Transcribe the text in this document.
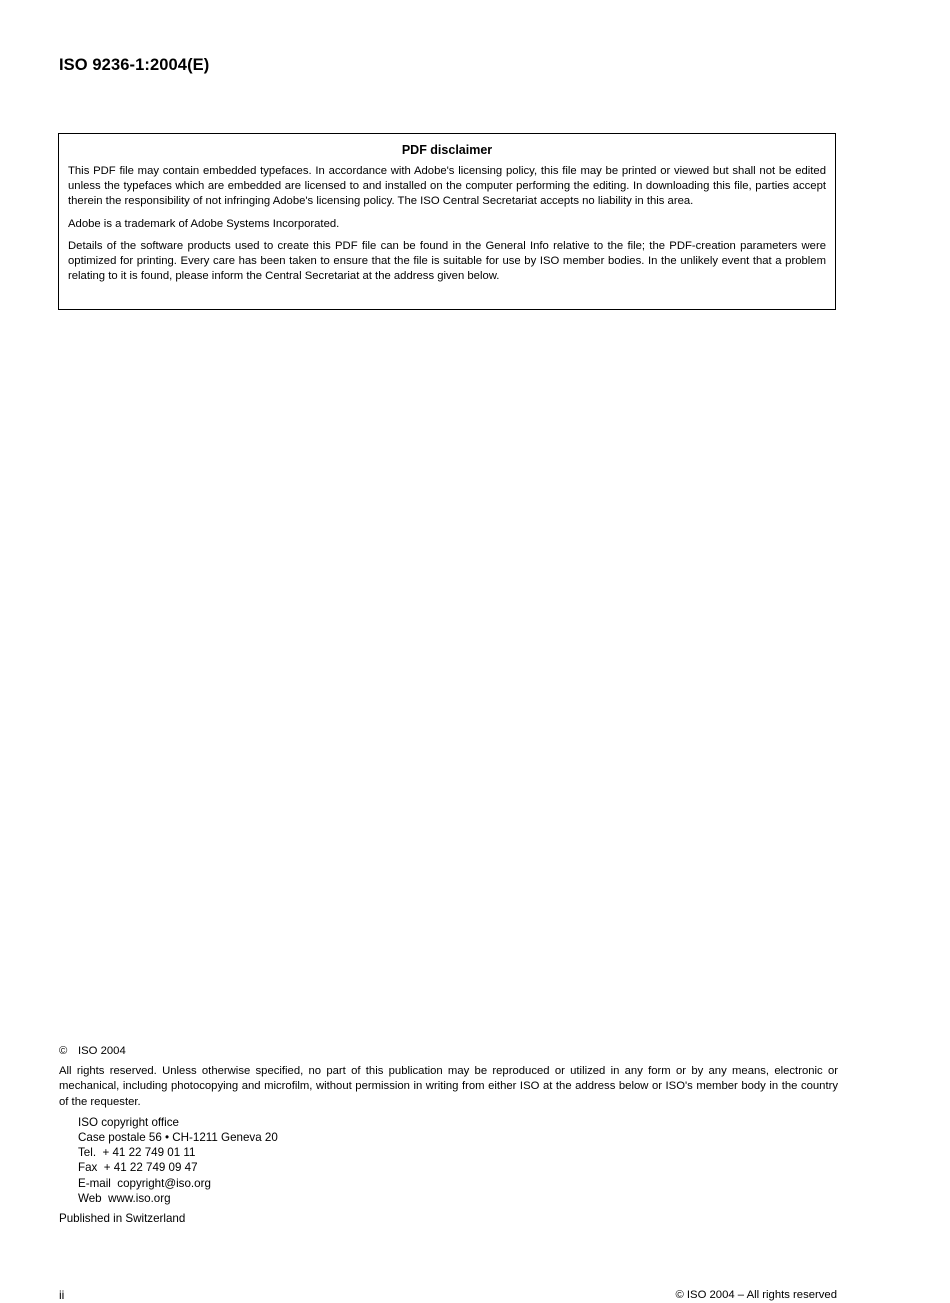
ISO 9236-1:2004(E)
PDF disclaimer

This PDF file may contain embedded typefaces. In accordance with Adobe's licensing policy, this file may be printed or viewed but shall not be edited unless the typefaces which are embedded are licensed to and installed on the computer performing the editing. In downloading this file, parties accept therein the responsibility of not infringing Adobe's licensing policy. The ISO Central Secretariat accepts no liability in this area.

Adobe is a trademark of Adobe Systems Incorporated.

Details of the software products used to create this PDF file can be found in the General Info relative to the file; the PDF-creation parameters were optimized for printing. Every care has been taken to ensure that the file is suitable for use by ISO member bodies. In the unlikely event that a problem relating to it is found, please inform the Central Secretariat at the address given below.

© ISO 2004

All rights reserved. Unless otherwise specified, no part of this publication may be reproduced or utilized in any form or by any means, electronic or mechanical, including photocopying and microfilm, without permission in writing from either ISO at the address below or ISO's member body in the country of the requester.

ISO copyright office
Case postale 56 • CH-1211 Geneva 20
Tel.  + 41 22 749 01 11
Fax  + 41 22 749 09 47
E-mail  copyright@iso.org
Web  www.iso.org

Published in Switzerland

ii	© ISO 2004 – All rights reserved
